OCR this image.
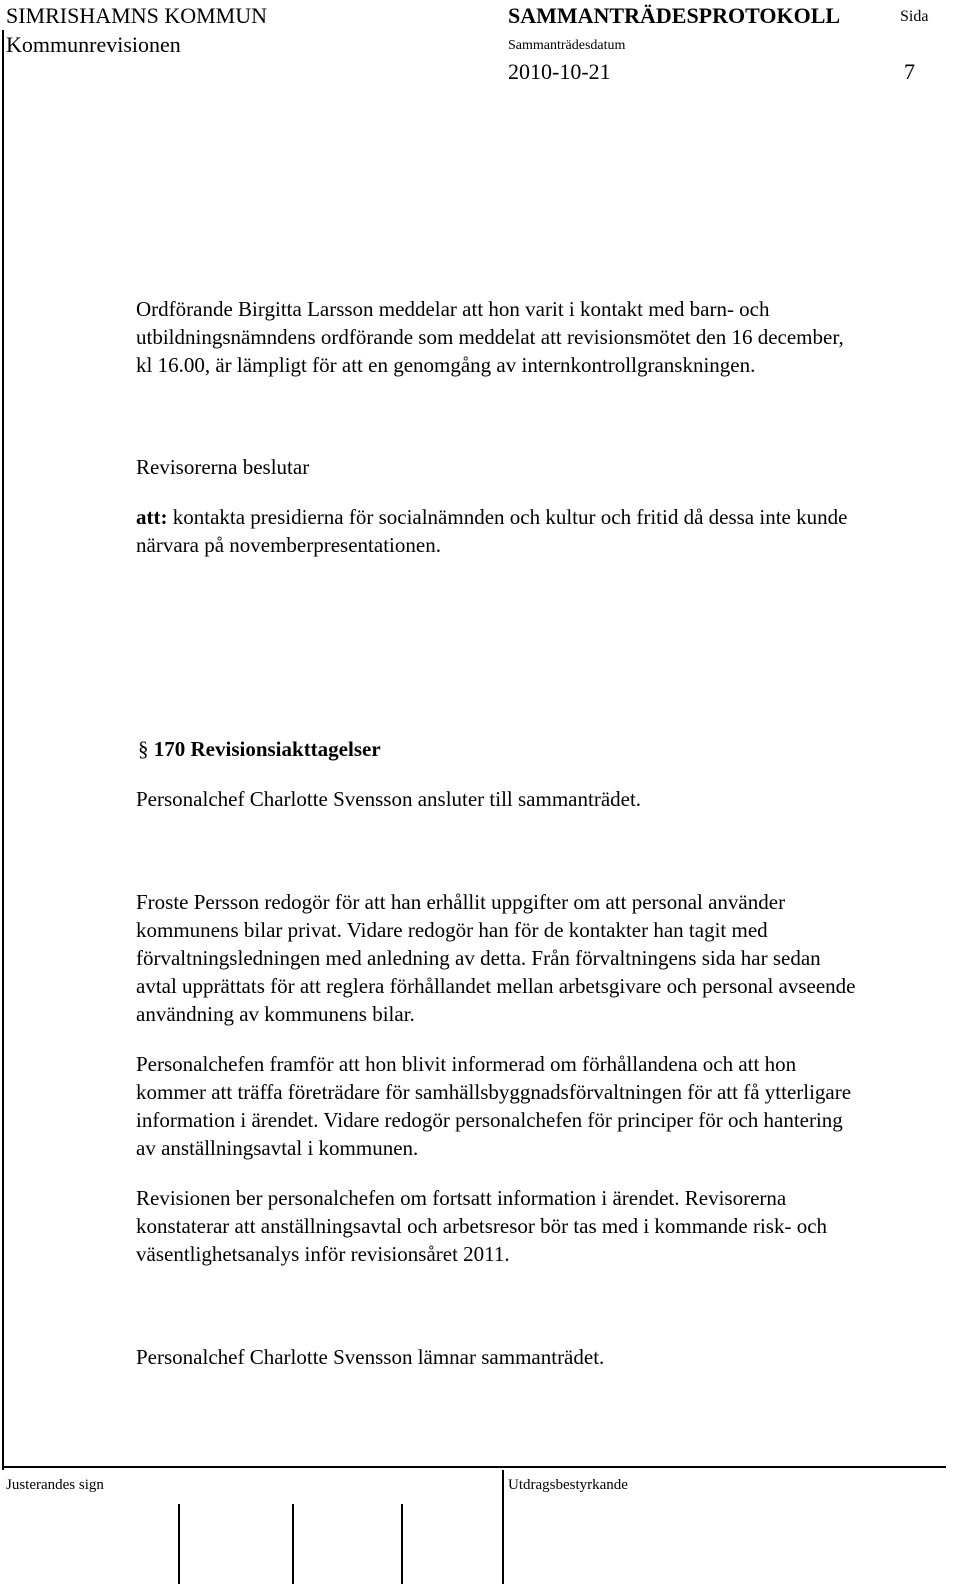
SIMRISHAMNS KOMMUN
Kommunrevisionen
SAMMANTRÄDESPROTOKOLL
Sammanträdesdatum
2010-10-21
Sida
7

Ordförande Birgitta Larsson meddelar att hon varit i kontakt med barn- och

utbildningsnämndens ordförande som meddelat att revisionsmötet den 16 december,

kl 16.00, är lämpligt för att en genomgång av internkontrollgranskningen.

Revisorerna beslutar

att: kontakta presidierna för socialnämnden och kultur och fritid då dessa inte kunde

närvara på novemberpresentationen.

§ 170 Revisionsiakttagelser
Personalchef Charlotte Svensson ansluter till sammanträdet.

Froste Persson redogör för att han erhållit uppgifter om att personal använder

kommunens bilar privat. Vidare redogör han för de kontakter han tagit med

förvaltningsledningen med anledning av detta. Från förvaltningens sida har sedan

avtal upprättats för att reglera förhållandet mellan arbetsgivare och personal avseende

användning av kommunens bilar.

Personalchefen framför att hon blivit informerad om förhållandena och att hon

kommer att träffa företrädare för samhällsbyggnadsförvaltningen för att få ytterligare

information i ärendet. Vidare redogör personalchefen för principer för och hantering

av anställningsavtal i kommunen.

Revisionen ber personalchefen om fortsatt information i ärendet. Revisorerna

konstaterar att anställningsavtal och arbetsresor bör tas med i kommande risk- och

väsentlighetsanalys inför revisionsåret 2011.

Personalchef Charlotte Svensson lämnar sammanträdet.
Justerandes sign	Utdragsbestyrkande
